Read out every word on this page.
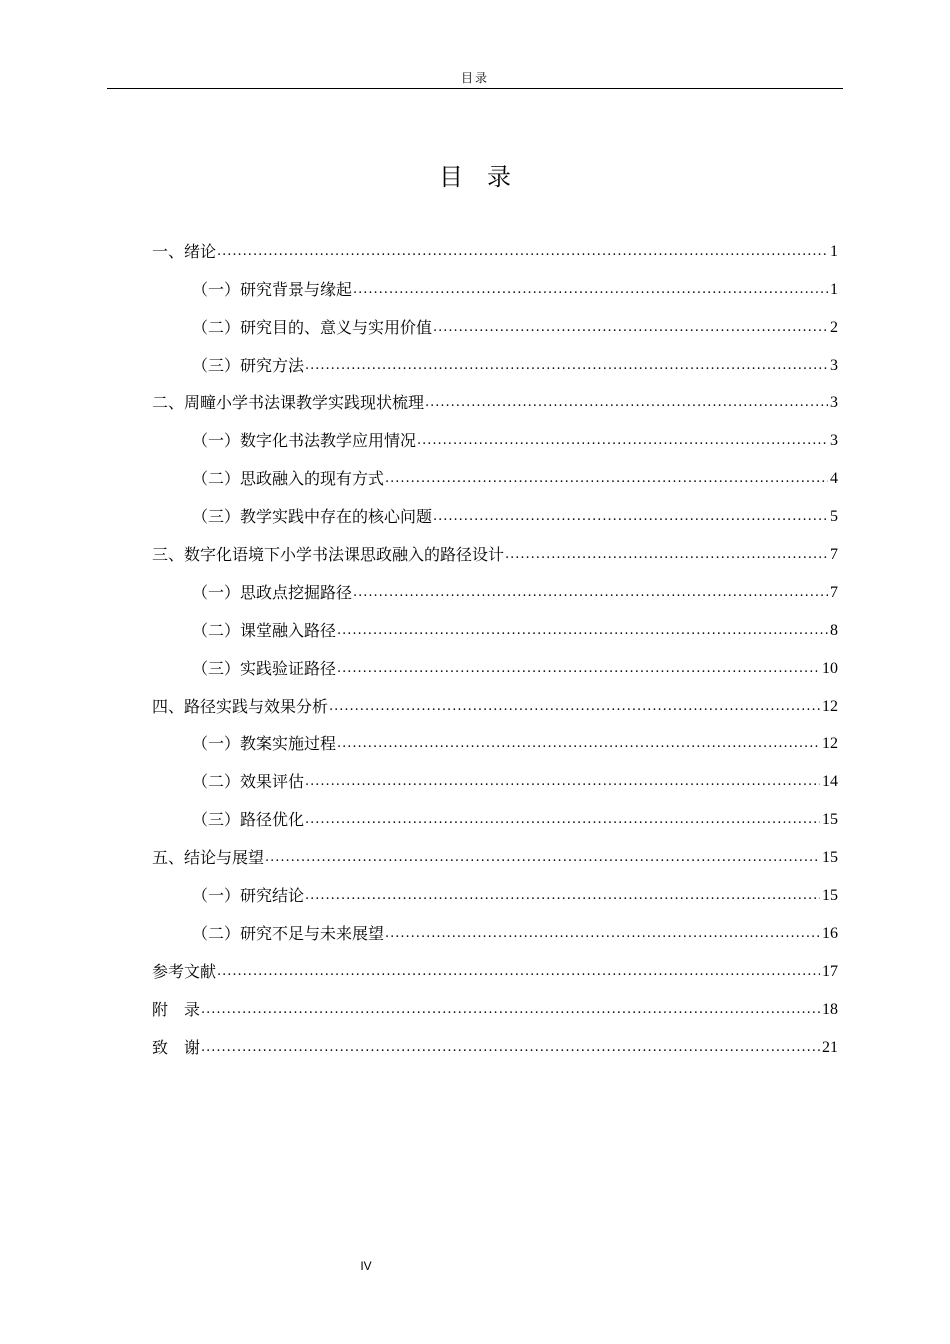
目录
目　录
一、绪论 .....	1
（一）研究背景与缘起 .....	1
（二）研究目的、意义与实用价值 .....	2
（三）研究方法 .....	3
二、周疃小学书法课教学实践现状梳理 .....	3
（一）数字化书法教学应用情况 .....	3
（二）思政融入的现有方式 .....	4
（三）教学实践中存在的核心问题 .....	5
三、数字化语境下小学书法课思政融入的路径设计 .....	7
（一）思政点挖掘路径 .....	7
（二）课堂融入路径 .....	8
（三）实践验证路径 .....	10
四、路径实践与效果分析 .....	12
（一）教案实施过程 .....	12
（二）效果评估 .....	14
（三）路径优化 .....	15
五、结论与展望 .....	15
（一）研究结论 .....	15
（二）研究不足与未来展望 .....	16
参考文献 .....	17
附　录 .....	18
致　谢 .....	21
IV
